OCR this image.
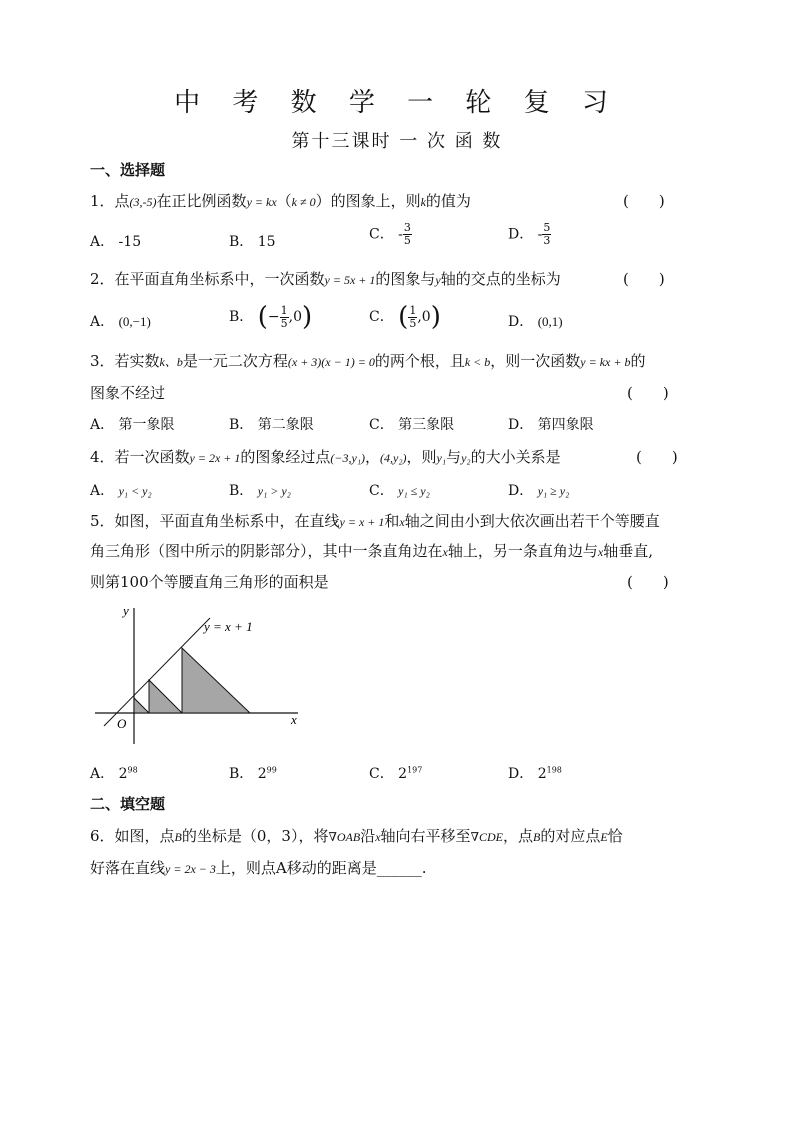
中 考 数 学 一 轮 复 习
第十三课时 一 次 函 数
一、选择题
1．点(3,-5)在正比例函数y = kx（k ≠ 0）的图象上，则k的值为	(　　)
A． -15	B． 15	C． - $\frac{3}{5}$	D． - $\frac{5}{3}$
2．在平面直角坐标系中，一次函数y = 5x + 1的图象与y轴的交点的坐标为	(　　)
A． (0,−1)	B． (− $\frac{1}{5} ,0$)	C． ( $\frac{1}{5} ,0$)	D． (0,1)
3．若实数k、b是一元二次方程(x + 3)(x − 1) = 0的两个根，且k < b，则一次函数y = kx + b的
图象不经过	(　　)
A． 第一象限	B． 第二象限	C． 第三象限	D． 第四象限
4．若一次函数y = 2x + 1的图象经过点(−3,y₁)，(4,y₂)，则y₁与y₂的大小关系是	(　　)
A． y₁ < y₂	B． y₁ > y₂	C． y₁ ≤ y₂	D． y₁ ≥ y₂
5．如图，平面直角坐标系中，在直线y = x + 1和x轴之间由小到大依次画出若干个等腰直
角三角形（图中所示的阴影部分），其中一条直角边在x轴上，另一条直角边与x轴垂直,
则第100个等腰直角三角形的面积是	(　　)
y
x
O
y = x + 1
A． $2^{98}$	B． $2^{99}$	C． $2^{197}$	D． $2^{198}$
二、填空题
6．如图，点B的坐标是（0，3），将∇OAB沿x轴向右平移至∇CDE，点B的对应点E恰
好落在直线y = 2x − 3上，则点A移动的距离是______.
